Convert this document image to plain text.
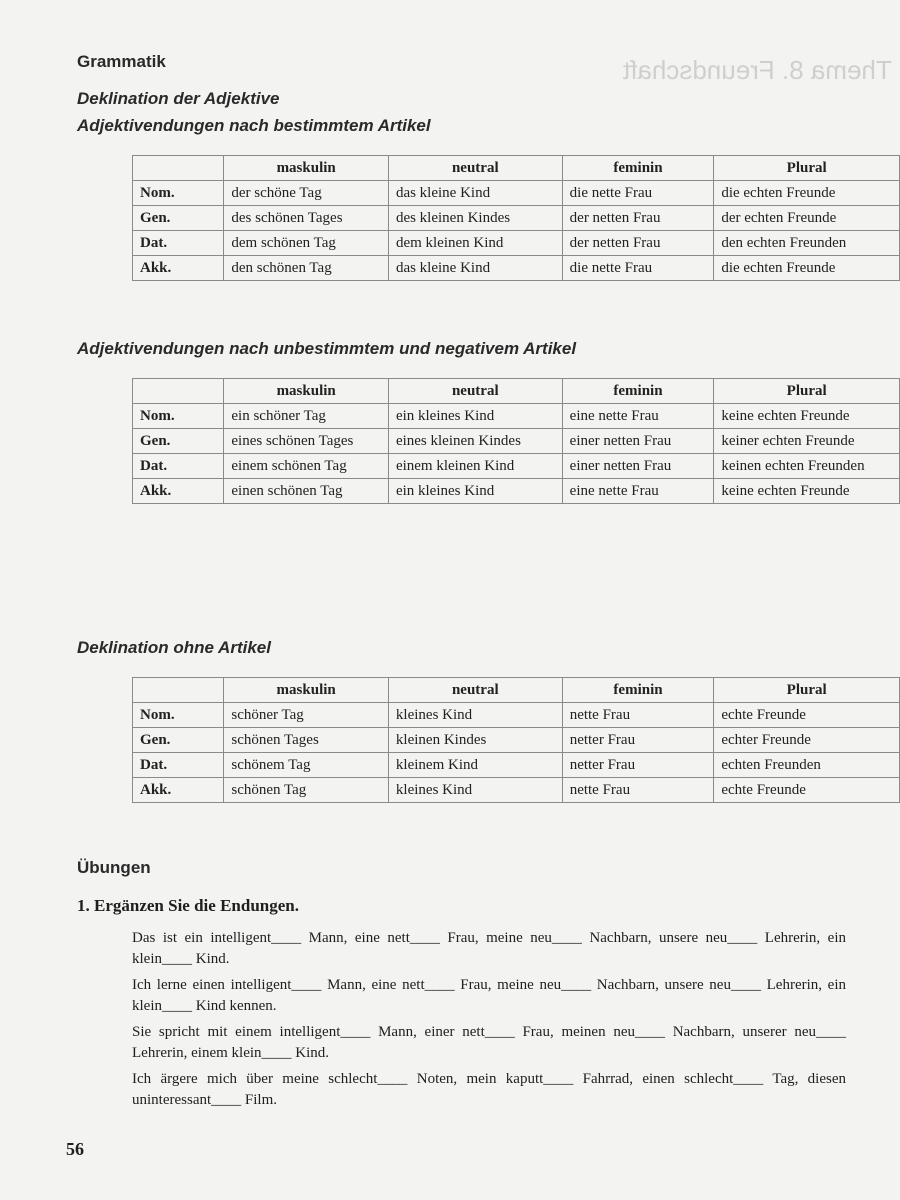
Thema 8. Freundschaft
Grammatik
Deklination der Adjektive
Adjektivendungen nach bestimmtem Artikel
	maskulin	neutral	feminin	Plural
Nom.	der schöne Tag	das kleine Kind	die nette Frau	die echten Freunde
Gen.	des schönen Tages	des kleinen Kindes	der netten Frau	der echten Freunde
Dat.	dem schönen Tag	dem kleinen Kind	der netten Frau	den echten Freunden
Akk.	den schönen Tag	das kleine Kind	die nette Frau	die echten Freunde
Adjektivendungen nach unbestimmtem und negativem Artikel
	maskulin	neutral	feminin	Plural
Nom.	ein schöner Tag	ein kleines Kind	eine nette Frau	keine echten Freunde
Gen.	eines schönen Tages	eines kleinen Kindes	einer netten Frau	keiner echten Freunde
Dat.	einem schönen Tag	einem kleinen Kind	einer netten Frau	keinen echten Freunden
Akk.	einen schönen Tag	ein kleines Kind	eine nette Frau	keine echten Freunde
Deklination ohne Artikel
	maskulin	neutral	feminin	Plural
Nom.	schöner Tag	kleines Kind	nette Frau	echte Freunde
Gen.	schönen Tages	kleinen Kindes	netter Frau	echter Freunde
Dat.	schönem Tag	kleinem Kind	netter Frau	echten Freunden
Akk.	schönen Tag	kleines Kind	nette Frau	echte Freunde
Übungen
1. Ergänzen Sie die Endungen.
Das ist ein intelligent____ Mann, eine nett____ Frau, meine neu____ Nachbarn, unsere neu____ Lehrerin, ein klein____ Kind.
Ich lerne einen intelligent____ Mann, eine nett____ Frau, meine neu____ Nachbarn, unsere neu____ Lehrerin, ein klein____ Kind kennen.
Sie spricht mit einem intelligent____ Mann, einer nett____ Frau, meinen neu____ Nachbarn, unserer neu____ Lehrerin, einem klein____ Kind.
Ich ärgere mich über meine schlecht____ Noten, mein kaputt____ Fahrrad, einen schlecht____ Tag, diesen uninteressant____ Film.
56
